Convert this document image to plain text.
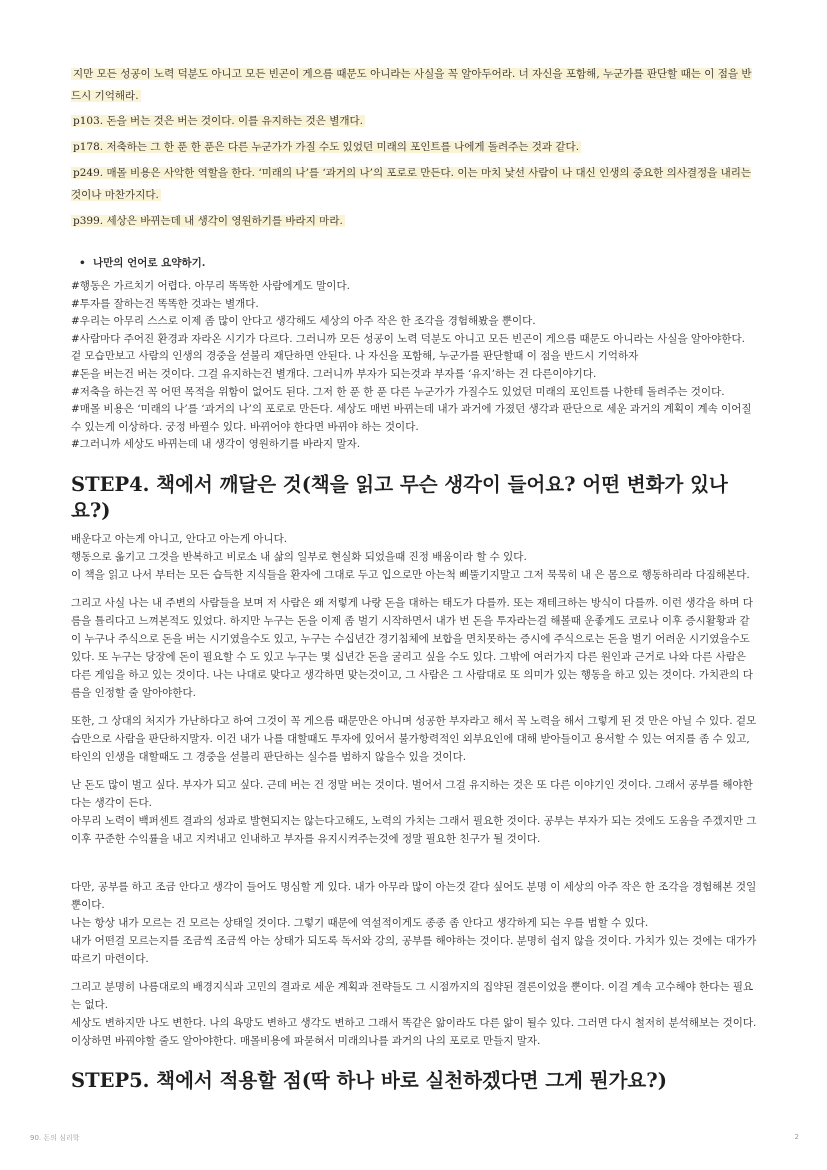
지만 모든 성공이 노력 덕분도 아니고 모든 빈곤이 게으름 때문도 아니라는 사실을 꼭 알아두어라. 너 자신을 포함해, 누군가를 판단할 때는 이 점을 반드시 기억해라.
p103. 돈을 버는 것은 버는 것이다. 이를 유지하는 것은 별개다.
p178. 저축하는 그 한 푼 한 푼은 다른 누군가가 가질 수도 있었던 미래의 포인트를 나에게 돌려주는 것과 같다.
p249. 매몰 비용은 사악한 역할을 한다. ‘미래의 나’를 ‘과거의 나’의 포로로 만든다. 이는 마치 낯선 사람이 나 대신 인생의 중요한 의사결정을 내리는 것이나 마찬가지다.
p399. 세상은 바뀌는데 내 생각이 영원하기를 바라지 마라.
• 나만의 언어로 요약하기.

#행동은 가르치기 어렵다. 아무리 똑똑한 사람에게도 말이다.

#투자를 잘하는건 똑똑한 것과는 별개다.

#우리는 아무리 스스로 이제 좀 많이 안다고 생각해도 세상의 아주 작은 한 조각을 경험해봤을 뿐이다.

#사람마다 주어진 환경과 자라온 시기가 다르다. 그러니까 모든 성공이 노력 덕분도 아니고 모든 빈곤이 게으름 때문도 아니라는 사실을 알아야한다. 겉 모습만보고 사람의 인생의 경중을 섣불리 재단하면 안된다. 나 자신을 포함해, 누군가를 판단할때 이 점을 반드시 기억하자

#돈을 버는건 버는 것이다. 그걸 유지하는건 별개다. 그러니까 부자가 되는것과 부자를 ‘유지’하는 건 다른이야기다.

#저축을 하는건 꼭 어떤 목적을 위함이 없어도 된다. 그저 한 푼 한 푼 다른 누군가가 가질수도 있었던 미래의 포인트를 나한테 돌려주는 것이다.

#매몰 비용은 ‘미래의 나’를 ‘과거의 나’의 포로로 만든다. 세상도 매번 바뀌는데 내가 과거에 가졌던 생각과 판단으로 세운 과거의 계획이 계속 이어질수 있는게 이상하다. 궁정 바뀔수 있다. 바뀌어야 한다면 바뀌야 하는 것이다.

#그러니까 세상도 바뀌는데 내 생각이 영원하기를 바라지 말자.

STEP4. 책에서 깨달은 것(책을 읽고 무슨 생각이 들어요? 어떤 변화가 있나요?)

배운다고 아는게 아니고, 안다고 아는게 아니다.

행동으로 옮기고 그것을 반복하고 비로소 내 삶의 일부로 현실화 되었을때 진정 배움이라 할 수 있다.

이 책을 읽고 나서 부터는 모든 습득한 지식들을 환자에 그대로 두고 입으로만 아는척 삐뚤기지말고 그저 묵묵히 내 은 몸으로 행동하리라 다짐해본다.

그리고 사실 나는 내 주변의 사람들을 보며 저 사람은 왜 저렇게 나랑 돈을 대하는 태도가 다를까. 또는 재테크하는 방식이 다를까. 이런 생각을 하며 다름을 틀리다고 느껴본적도 있었다. 하지만 누구는 돈을 이제 좀 벌기 시작하면서 내가 번 돈을 투자라는걸 해볼때 운좋게도 코로나 이후 증시활황과 같이 누구나 주식으로 돈을 버는 시기였을수도 있고, 누구는 수십년간 경기침체에 보합을 면치못하는 증시에 주식으로는 돈을 벌기 어려운 시기였을수도 있다. 또 누구는 당장에 돈이 필요할 수 도 있고 누구는 몇 십년간 돈을 굴리고 싶을 수도 있다. 그밖에 여러가지 다른 원인과 근거로 나와 다른 사람은 다른 게임을 하고 있는 것이다. 나는 나대로 맞다고 생각하면 맞는것이고, 그 사람은 그 사람대로 또 의미가 있는 행동을 하고 있는 것이다. 가치관의 다름을 인정할 줄 알아야한다.

또한, 그 상대의 처지가 가난하다고 하여 그것이 꼭 게으름 때문만은 아니며 성공한 부자라고 해서 꼭 노력을 해서 그렇게 된 것 만은 아닐 수 있다. 겉모습만으로 사람을 판단하지말자. 이건 내가 나를 대할때도 투자에 있어서 불가항력적인 외부요인에 대해 받아들이고 용서할 수 있는 여지를 좀 수 있고, 타인의 인생을 대할때도 그 경중을 섣불리 판단하는 실수를 범하지 않을수 있을 것이다.

난 돈도 많이 벌고 싶다. 부자가 되고 싶다. 근데 버는 건 정말 버는 것이다. 벌어서 그걸 유지하는 것은 또 다른 이야기인 것이다. 그래서 공부를 해야한다는 생각이 든다.

아무리 노력이 백퍼센트 결과의 성과로 발현되지는 않는다고해도, 노력의 가치는 그래서 필요한 것이다. 공부는 부자가 되는 것에도 도움을 주겠지만 그 이후 꾸준한 수익률을 내고 지켜내고 인내하고 부자를 유지시켜주는것에 정말 필요한 친구가 될 것이다.

다만, 공부를 하고 조금 안다고 생각이 들어도 명심할 게 있다. 내가 아무라 많이 아는것 같다 싶어도 분명 이 세상의 아주 작은 한 조각을 경험해본 것일 뿐이다.

나는 항상 내가 모르는 건 모르는 상태일 것이다. 그렇기 때문에 역설적이게도 종종 좀 안다고 생각하게 되는 우를 범할 수 있다.

내가 어떤걸 모르는지를 조금씩 조금씩 아는 상태가 되도록 독서와 강의, 공부를 해야하는 것이다. 분명히 쉽지 않을 것이다. 가치가 있는 것에는 대가가 따르기 마련이다.

그리고 분명히 나름대로의 배경지식과 고민의 결과로 세운 계획과 전략들도 그 시점까지의 집약된 결론이었을 뿐이다. 이걸 계속 고수해야 한다는 필요는 없다.

세상도 변하지만 나도 변한다. 나의 욕망도 변하고 생각도 변하고 그래서 똑같은 앎이라도 다른 앎이 될수 있다. 그러면 다시 철저히 분석해보는 것이다. 이상하면 바꿔야할 줄도 알아야한다. 매몰비용에 파묻혀서 미래의나를 과거의 나의 포로로 만들지 말자.

STEP5. 책에서 적용할 점(딱 하나 바로 실천하겠다면 그게 뭔가요?)
90. 돈의 심리학	2
